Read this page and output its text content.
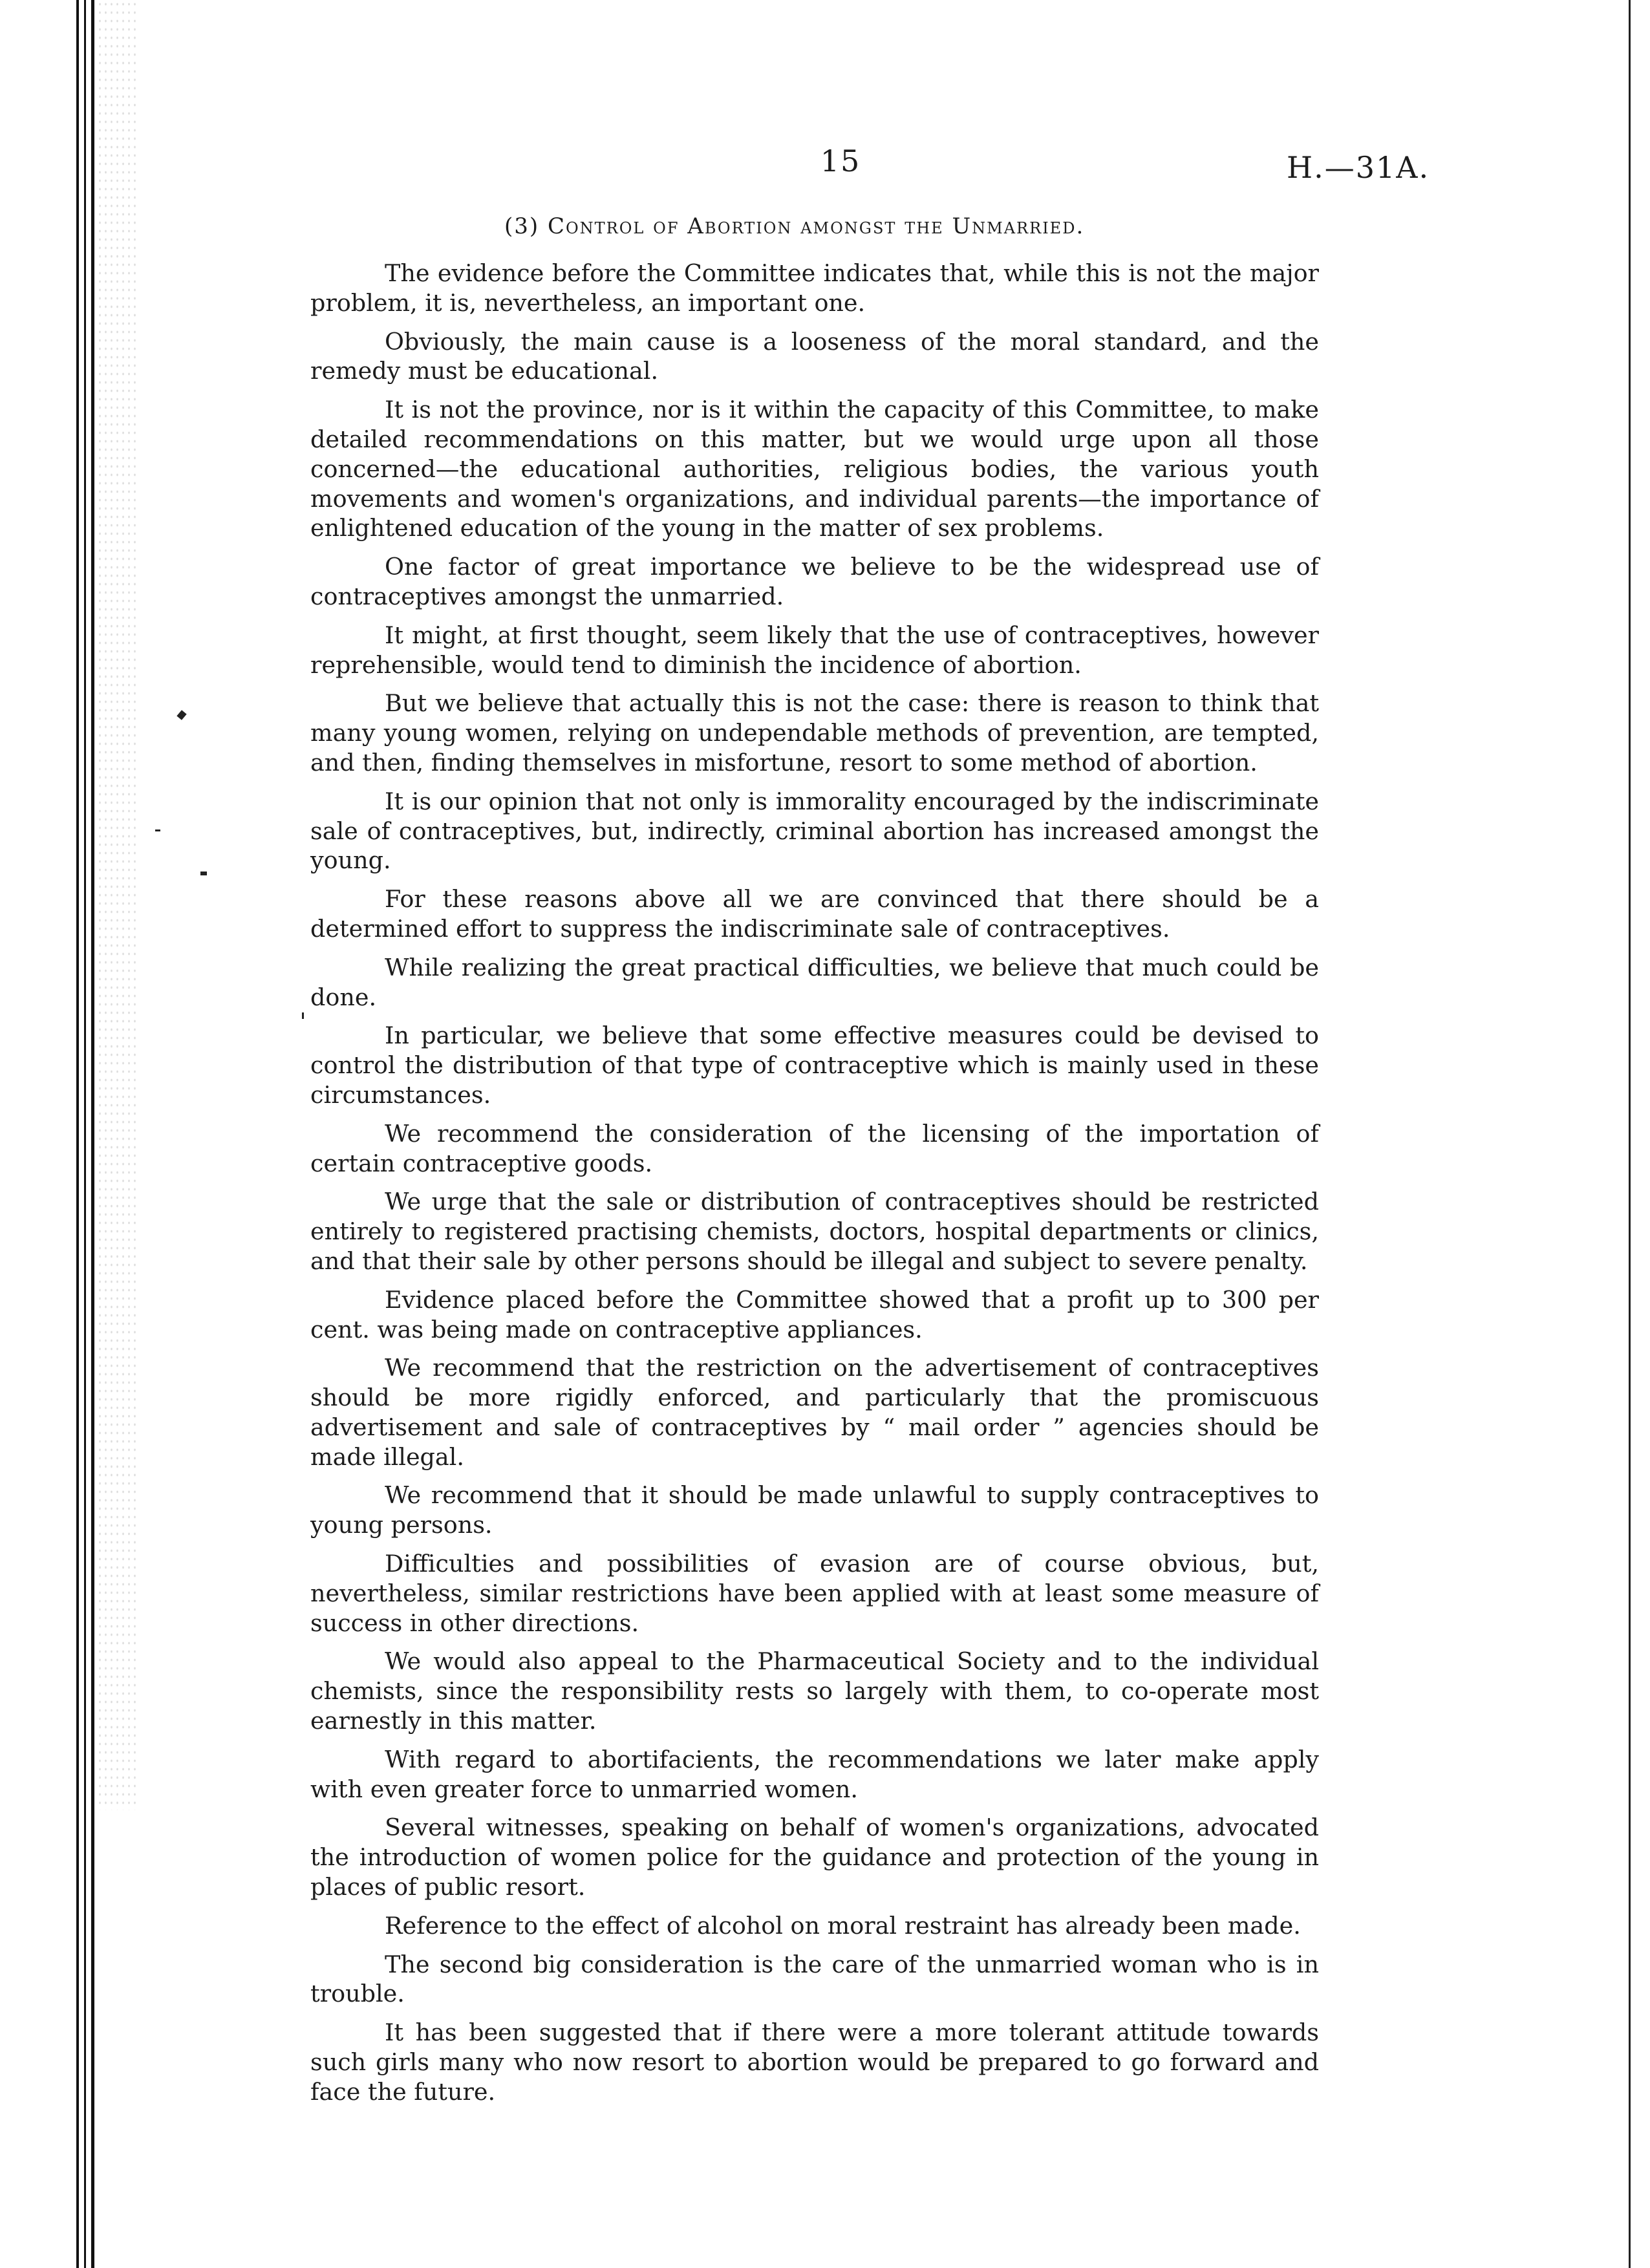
15	H.—31A.
(3) Control of Abortion amongst the Unmarried.

The evidence before the Committee indicates that, while this is not the major problem, it is, nevertheless, an important one.

Obviously, the main cause is a looseness of the moral standard, and the remedy must be educational.

It is not the province, nor is it within the capacity of this Committee, to make detailed recommendations on this matter, but we would urge upon all those concerned—the educational authorities, religious bodies, the various youth movements and women's organizations, and individual parents—the importance of enlightened education of the young in the matter of sex problems.

One factor of great importance we believe to be the widespread use of contraceptives amongst the unmarried.

It might, at first thought, seem likely that the use of contraceptives, however reprehensible, would tend to diminish the incidence of abortion.

But we believe that actually this is not the case: there is reason to think that many young women, relying on undependable methods of prevention, are tempted, and then, finding themselves in misfortune, resort to some method of abortion.

It is our opinion that not only is immorality encouraged by the indiscriminate sale of contraceptives, but, indirectly, criminal abortion has increased amongst the young.

For these reasons above all we are convinced that there should be a determined effort to suppress the indiscriminate sale of contraceptives.

While realizing the great practical difficulties, we believe that much could be done.

In particular, we believe that some effective measures could be devised to control the distribution of that type of contraceptive which is mainly used in these circumstances.

We recommend the consideration of the licensing of the importation of certain contraceptive goods.

We urge that the sale or distribution of contraceptives should be restricted entirely to registered practising chemists, doctors, hospital departments or clinics, and that their sale by other persons should be illegal and subject to severe penalty.

Evidence placed before the Committee showed that a profit up to 300 per cent. was being made on contraceptive appliances.

We recommend that the restriction on the advertisement of contraceptives should be more rigidly enforced, and particularly that the promiscuous advertisement and sale of contraceptives by “ mail order ” agencies should be made illegal.

We recommend that it should be made unlawful to supply contraceptives to young persons.

Difficulties and possibilities of evasion are of course obvious, but, nevertheless, similar restrictions have been applied with at least some measure of success in other directions.

We would also appeal to the Pharmaceutical Society and to the individual chemists, since the responsibility rests so largely with them, to co-operate most earnestly in this matter.

With regard to abortifacients, the recommendations we later make apply with even greater force to unmarried women.

Several witnesses, speaking on behalf of women's organizations, advocated the introduction of women police for the guidance and protection of the young in places of public resort.

Reference to the effect of alcohol on moral restraint has already been made.

The second big consideration is the care of the unmarried woman who is in trouble.

It has been suggested that if there were a more tolerant attitude towards such girls many who now resort to abortion would be prepared to go forward and face the future.
